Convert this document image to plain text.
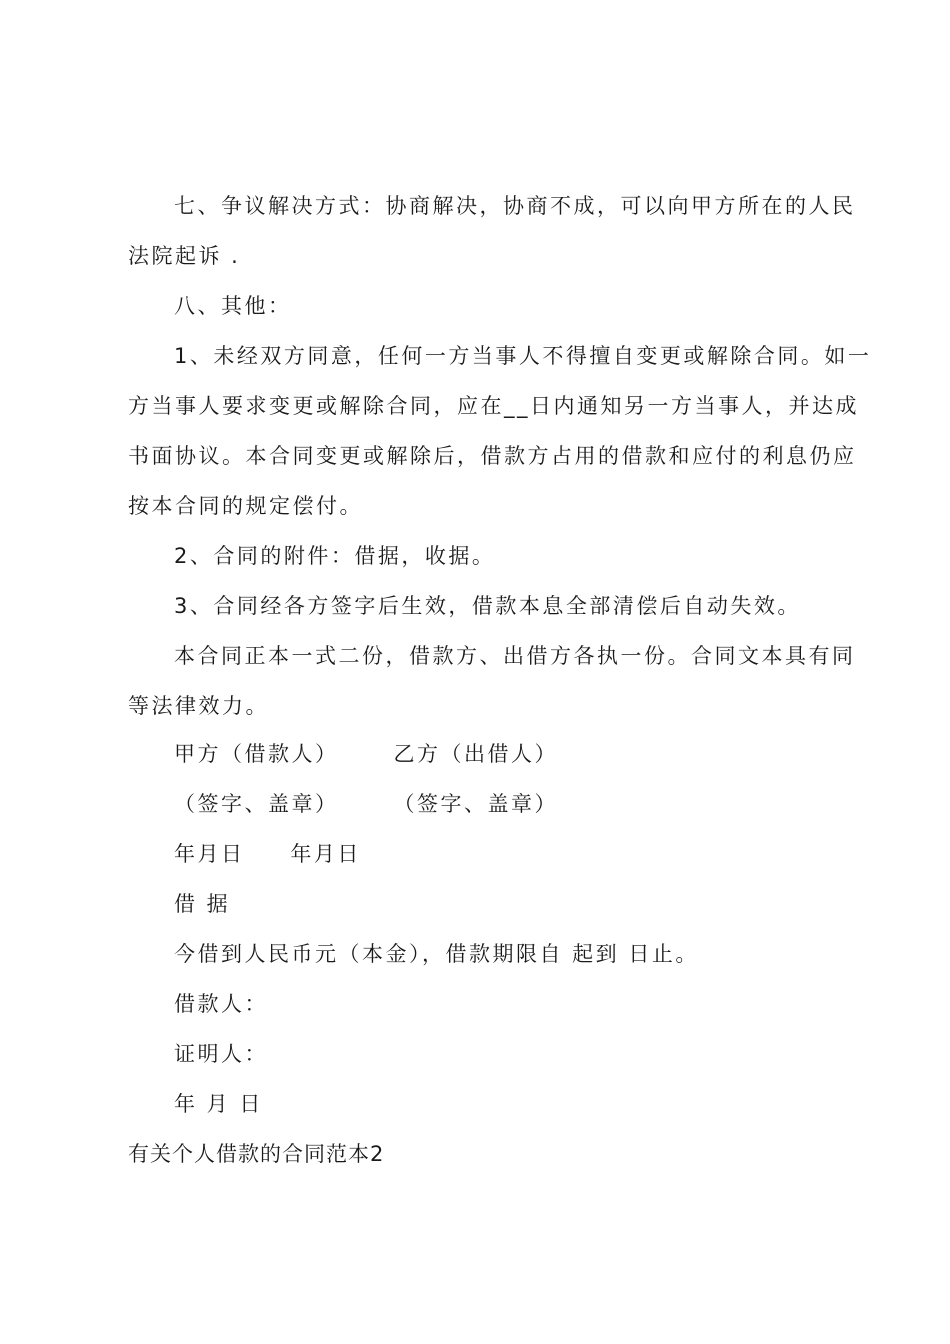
七、争议解决方式：协商解决，协商不成，可以向甲方所在的人民
法院起诉 .
八、其他：
1、未经双方同意，任何一方当事人不得擅自变更或解除合同。如一
方当事人要求变更或解除合同，应在__日内通知另一方当事人，并达成
书面协议。本合同变更或解除后，借款方占用的借款和应付的利息仍应
按本合同的规定偿付。
2、合同的附件：借据，收据。
3、合同经各方签字后生效，借款本息全部清偿后自动失效。
本合同正本一式二份，借款方、出借方各执一份。合同文本具有同
等法律效力。
甲方（借款人）      乙方（出借人）
（签字、盖章）      （签字、盖章）
年月日     年月日
借 据
今借到人民币元（本金），借款期限自 起到 日止。
借款人：
证明人：
年 月 日
有关个人借款的合同范本2
